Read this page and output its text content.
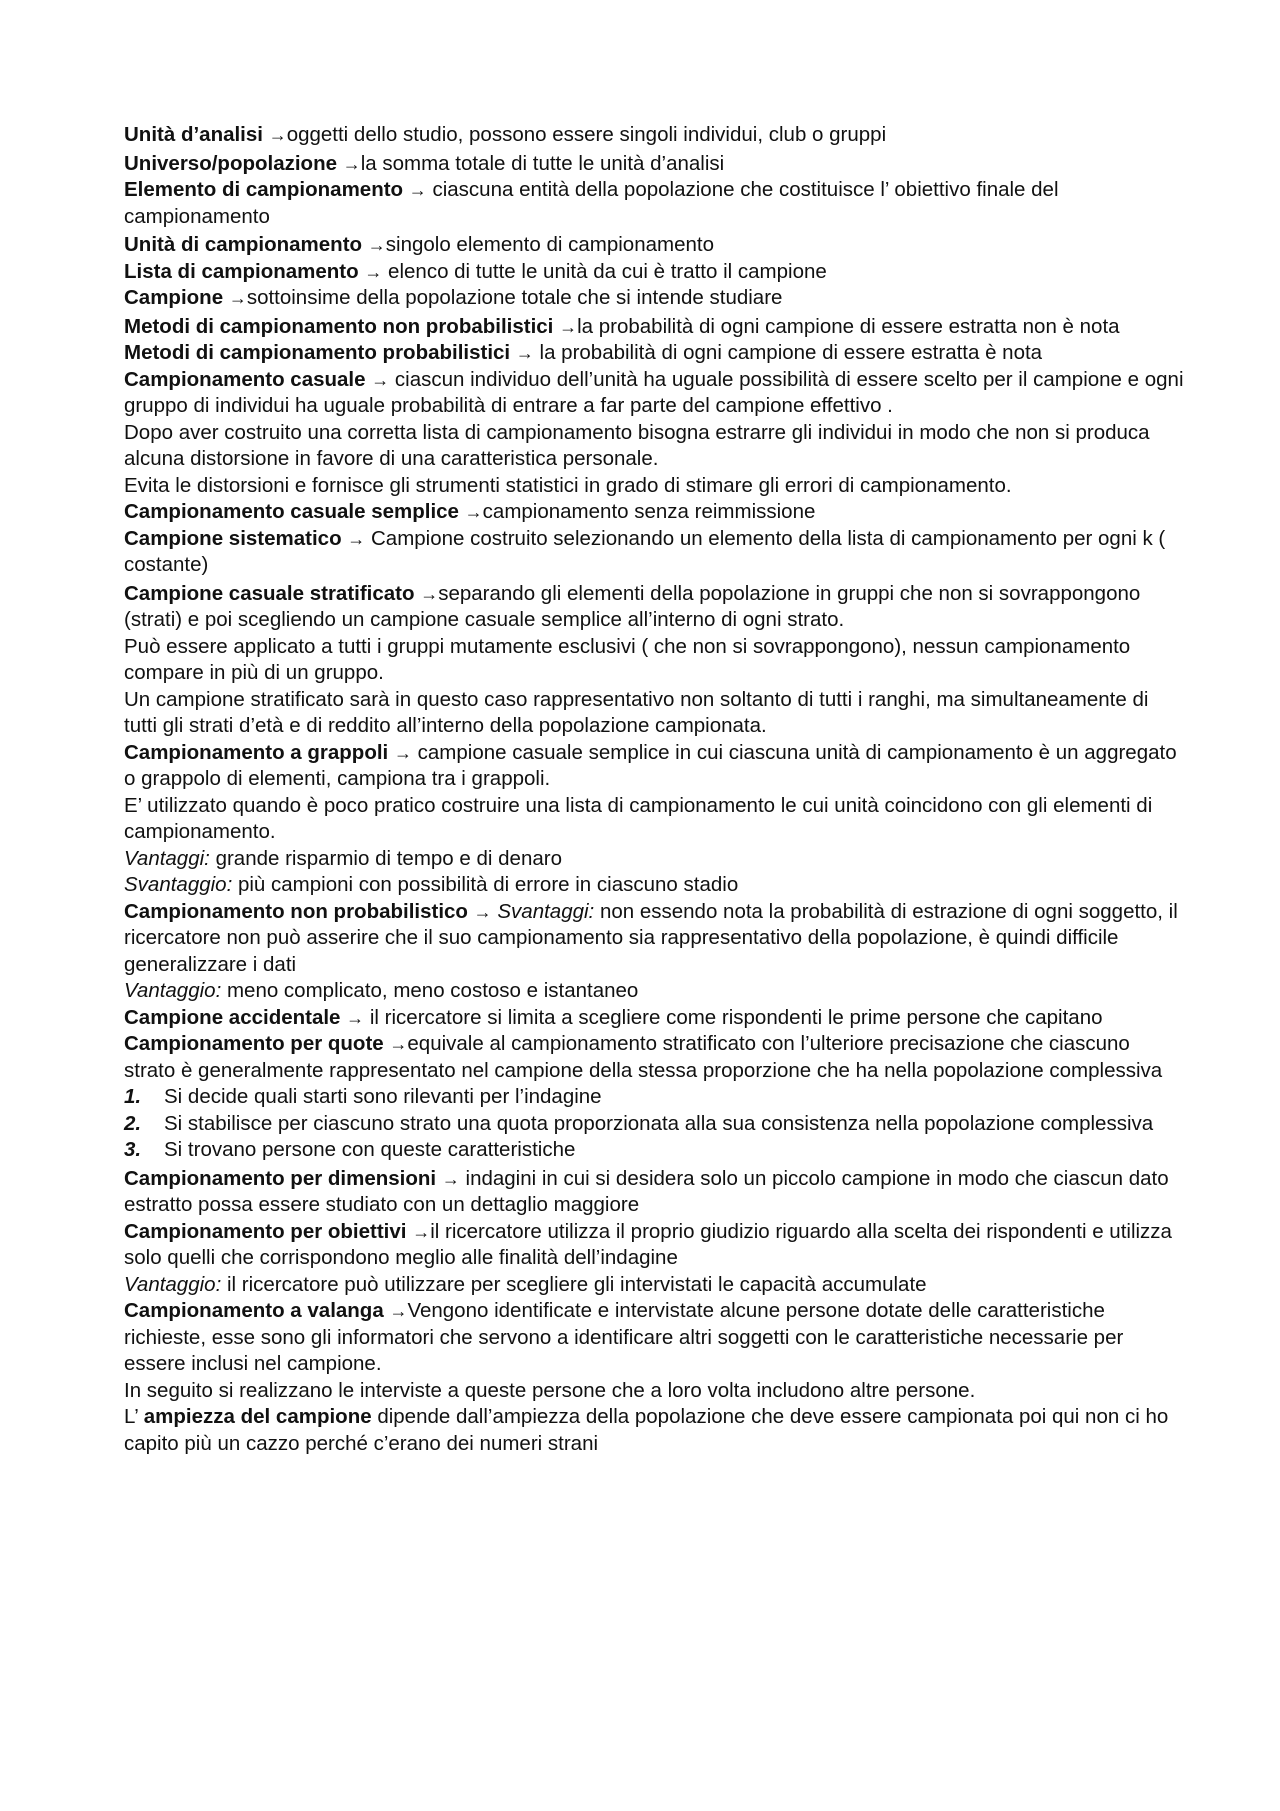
Unità d’analisi →oggetti dello studio, possono essere singoli individui, club o gruppi

Universo/popolazione →la somma totale di tutte le unità d’analisi

Elemento di campionamento → ciascuna entità della popolazione che costituisce l’ obiettivo finale del campionamento

Unità di campionamento →singolo elemento di campionamento

Lista di campionamento → elenco di tutte le unità da cui è tratto il campione

Campione →sottoinsime della popolazione totale che si intende studiare

Metodi di campionamento non probabilistici →la probabilità di ogni campione di essere estratta non è nota

Metodi di campionamento probabilistici → la probabilità di ogni campione di essere estratta è nota

Campionamento casuale → ciascun individuo dell’unità ha uguale possibilità di essere scelto per il campione e ogni gruppo di individui ha uguale probabilità di entrare a far parte del campione effettivo .

Dopo aver costruito una corretta lista di campionamento bisogna estrarre gli individui in modo che non si produca alcuna distorsione in favore di una caratteristica personale.

Evita le distorsioni e fornisce gli strumenti statistici in grado di stimare gli errori di campionamento.

Campionamento casuale semplice →campionamento senza reimmissione

Campione sistematico → Campione costruito selezionando un elemento della lista di campionamento per ogni k ( costante)

Campione casuale stratificato →separando gli elementi della popolazione in gruppi che non si sovrappongono (strati) e poi scegliendo un campione casuale semplice all’interno di ogni strato.

Può essere applicato a tutti i gruppi mutamente esclusivi ( che non si sovrappongono), nessun campionamento compare in più di un gruppo.

Un campione stratificato sarà in questo caso rappresentativo non soltanto di tutti i ranghi, ma simultaneamente di tutti gli strati d’età e di reddito all’interno della popolazione campionata.

Campionamento a grappoli → campione casuale semplice in cui ciascuna unità di campionamento è un aggregato o grappolo di elementi, campiona tra i grappoli.

E’ utilizzato quando è poco pratico costruire una lista di campionamento le cui unità coincidono con gli elementi di campionamento.

Vantaggi: grande risparmio di tempo e di denaro

Svantaggio: più campioni con possibilità di errore in ciascuno stadio

Campionamento non probabilistico → Svantaggi: non essendo nota la probabilità di estrazione di ogni soggetto, il ricercatore non può asserire che il suo campionamento sia rappresentativo della popolazione, è quindi difficile generalizzare i dati

Vantaggio: meno complicato, meno costoso e istantaneo

Campione accidentale → il ricercatore si limita a scegliere come rispondenti le prime persone che capitano

Campionamento per quote →equivale al campionamento stratificato con l’ulteriore precisazione che ciascuno strato è generalmente rappresentato nel campione della stessa proporzione che ha nella popolazione complessiva

1. Si decide quali starti sono rilevanti per l’indagine
2. Si stabilisce per ciascuno strato una quota proporzionata alla sua consistenza nella popolazione complessiva
3. Si trovano persone con queste caratteristiche

Campionamento per dimensioni → indagini in cui si desidera solo un piccolo campione in modo che ciascun dato estratto possa essere studiato con un dettaglio maggiore

Campionamento per obiettivi →il ricercatore utilizza il proprio giudizio riguardo alla scelta dei rispondenti e utilizza solo quelli che corrispondono meglio alle finalità dell’indagine

Vantaggio: il ricercatore può utilizzare per scegliere gli intervistati le capacità accumulate

Campionamento a valanga →Vengono identificate e intervistate alcune persone dotate delle caratteristiche richieste, esse sono gli informatori che servono a identificare altri soggetti con le caratteristiche necessarie per essere inclusi nel campione.

In seguito si realizzano le interviste a queste persone che a loro volta includono altre persone.

L’ ampiezza del campione dipende dall’ampiezza della popolazione che deve essere campionata poi qui non ci ho capito più un cazzo perché c’erano dei numeri strani
